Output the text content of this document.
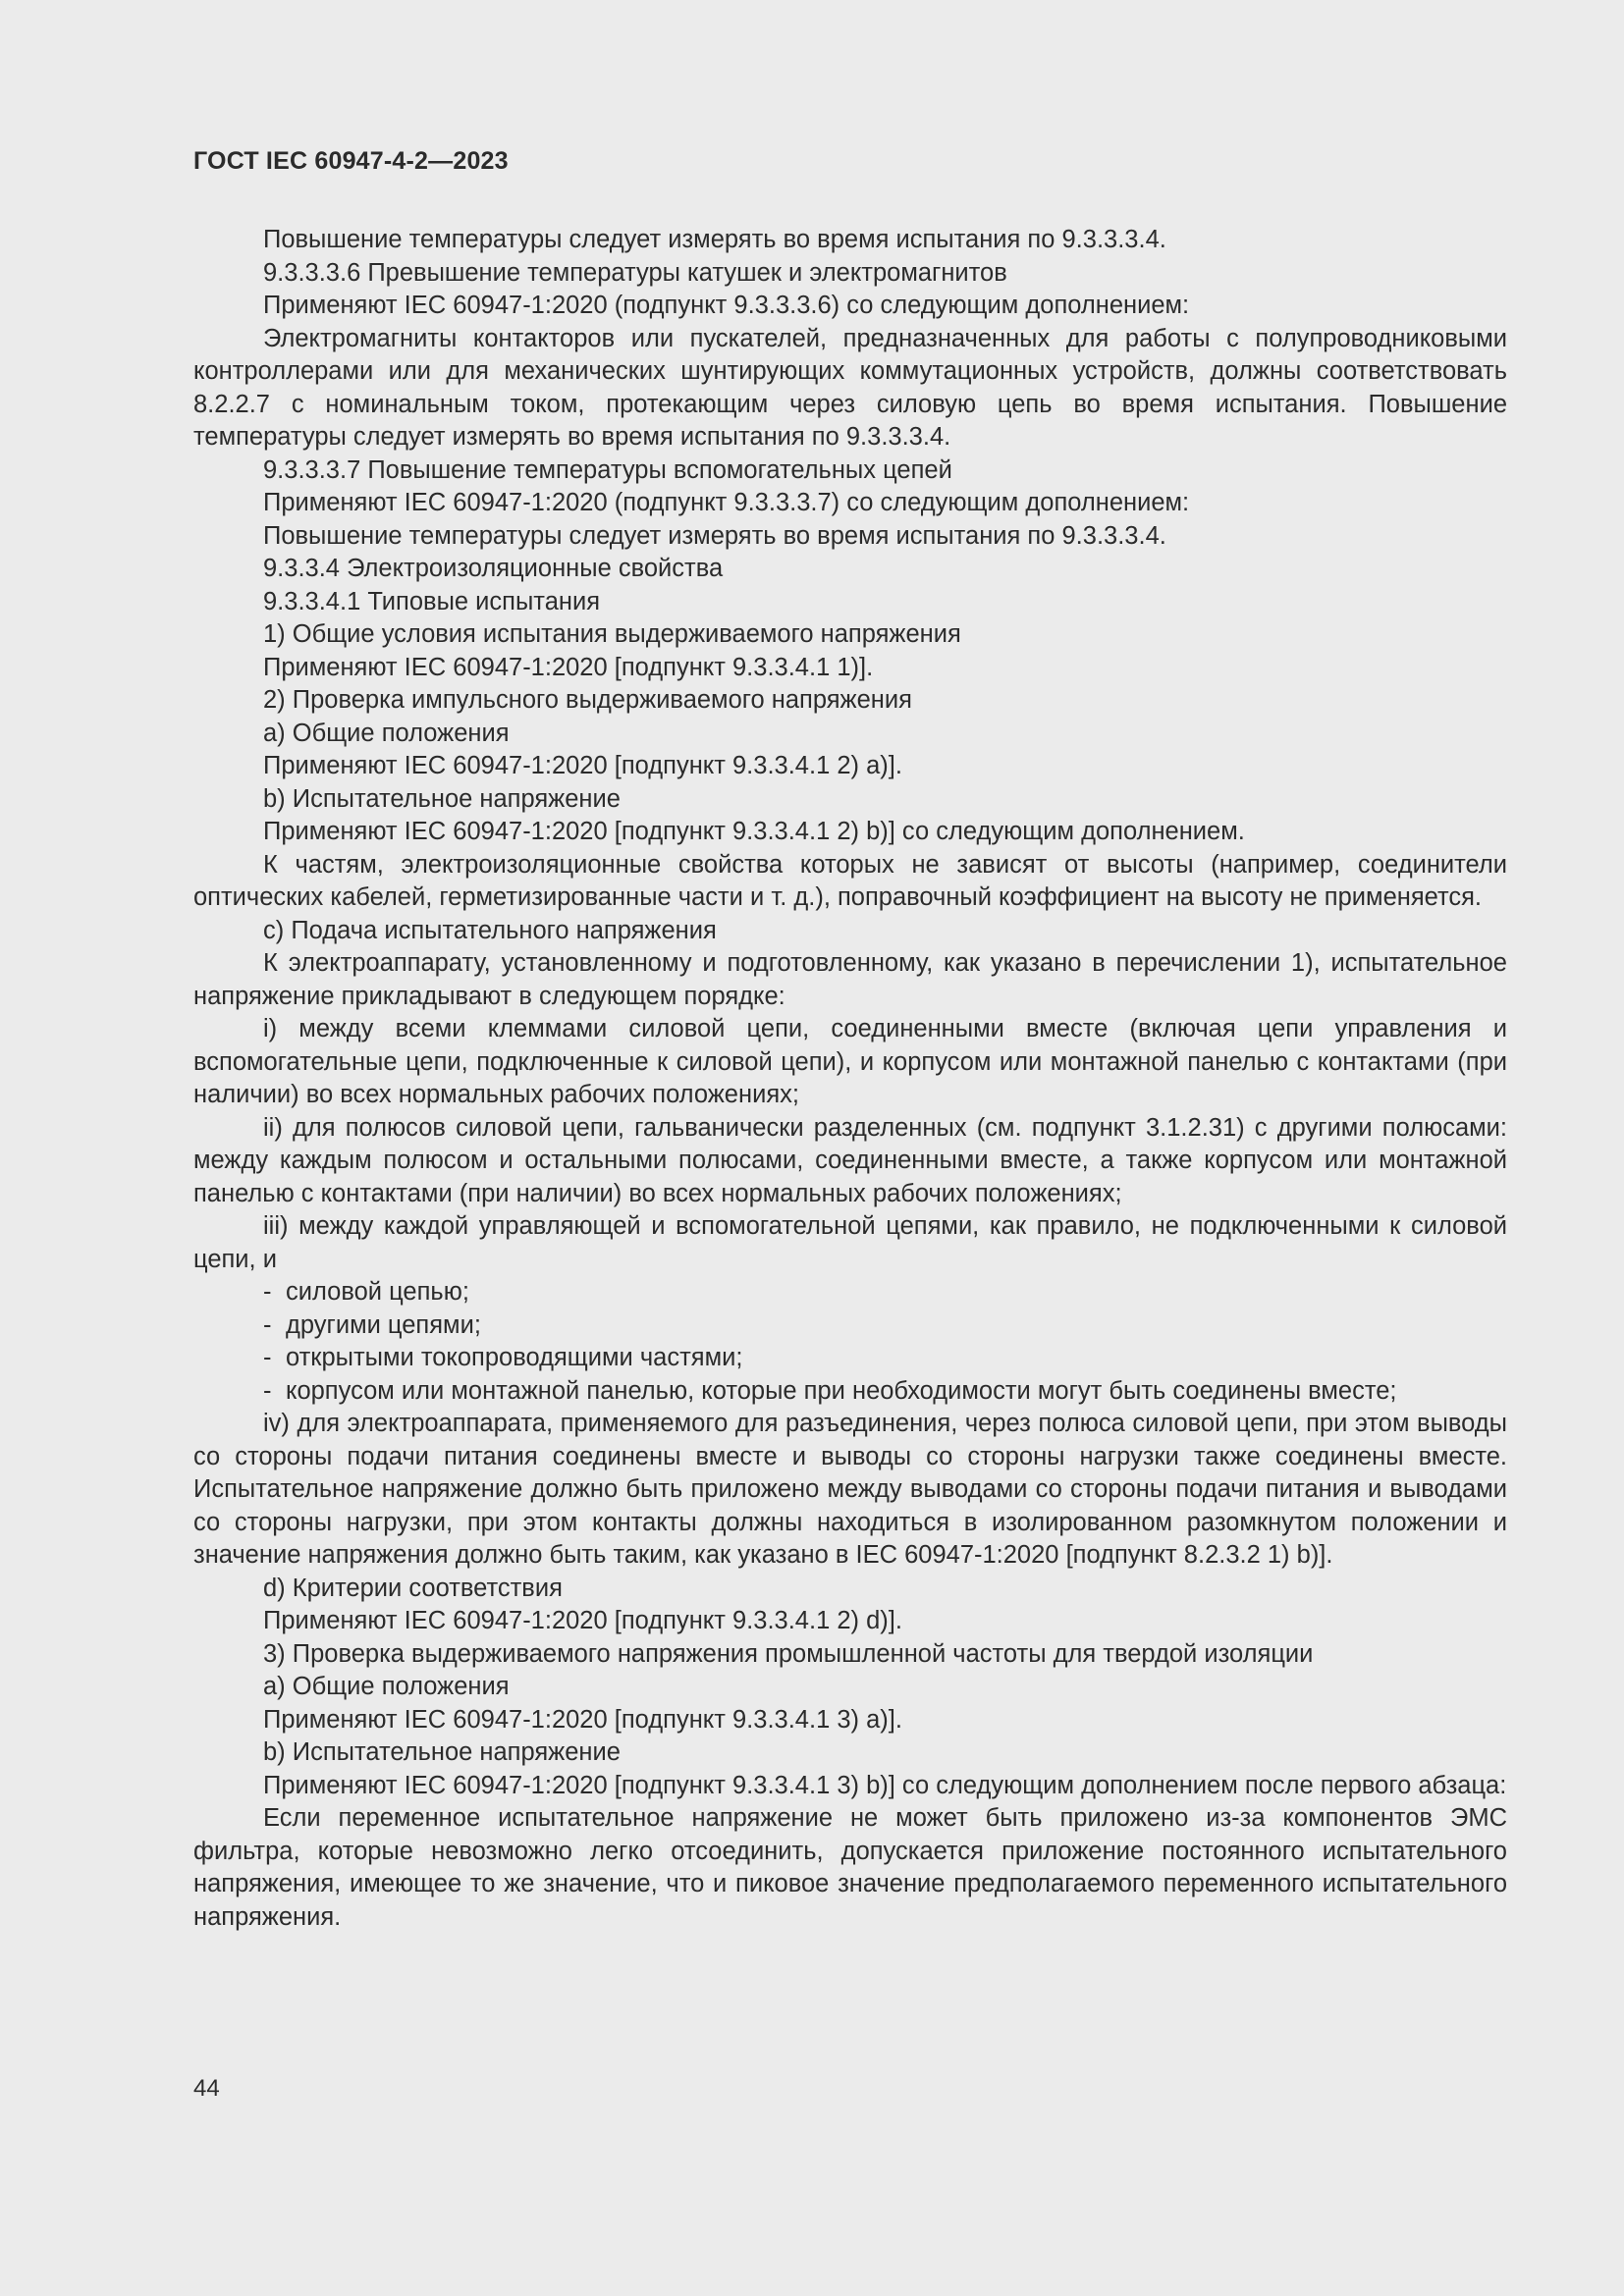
ГОСТ IEC 60947-4-2—2023

Повышение температуры следует измерять во время испытания по 9.3.3.3.4.

9.3.3.3.6 Превышение температуры катушек и электромагнитов

Применяют IEC 60947-1:2020 (подпункт 9.3.3.3.6) со следующим дополнением:

Электромагниты контакторов или пускателей, предназначенных для работы с полупроводниковыми контроллерами или для механических шунтирующих коммутационных устройств, должны соответствовать 8.2.2.7 с номинальным током, протекающим через силовую цепь во время испытания. Повышение температуры следует измерять во время испытания по 9.3.3.3.4.

9.3.3.3.7 Повышение температуры вспомогательных цепей

Применяют IEC 60947-1:2020 (подпункт 9.3.3.3.7) со следующим дополнением:

Повышение температуры следует измерять во время испытания по 9.3.3.3.4.

9.3.3.4 Электроизоляционные свойства

9.3.3.4.1 Типовые испытания

1) Общие условия испытания выдерживаемого напряжения

Применяют IEC 60947-1:2020 [подпункт 9.3.3.4.1 1)].

2) Проверка импульсного выдерживаемого напряжения

a) Общие положения

Применяют IEC 60947-1:2020 [подпункт 9.3.3.4.1 2) a)].

b) Испытательное напряжение

Применяют IEC 60947-1:2020 [подпункт 9.3.3.4.1 2) b)] со следующим дополнением.

К частям, электроизоляционные свойства которых не зависят от высоты (например, соединители оптических кабелей, герметизированные части и т. д.), поправочный коэффициент на высоту не применяется.

c) Подача испытательного напряжения

К электроаппарату, установленному и подготовленному, как указано в перечислении 1), испытательное напряжение прикладывают в следующем порядке:

i) между всеми клеммами силовой цепи, соединенными вместе (включая цепи управления и вспомогательные цепи, подключенные к силовой цепи), и корпусом или монтажной панелью с контактами (при наличии) во всех нормальных рабочих положениях;

ii) для полюсов силовой цепи, гальванически разделенных (см. подпункт 3.1.2.31) с другими полюсами: между каждым полюсом и остальными полюсами, соединенными вместе, а также корпусом или монтажной панелью с контактами (при наличии) во всех нормальных рабочих положениях;

iii) между каждой управляющей и вспомогательной цепями, как правило, не подключенными к силовой цепи, и

- силовой цепью;

- другими цепями;

- открытыми токопроводящими частями;

- корпусом или монтажной панелью, которые при необходимости могут быть соединены вместе;

iv) для электроаппарата, применяемого для разъединения, через полюса силовой цепи, при этом выводы со стороны подачи питания соединены вместе и выводы со стороны нагрузки также соединены вместе. Испытательное напряжение должно быть приложено между выводами со стороны подачи питания и выводами со стороны нагрузки, при этом контакты должны находиться в изолированном разомкнутом положении и значение напряжения должно быть таким, как указано в IEC 60947-1:2020 [подпункт 8.2.3.2 1) b)].

d) Критерии соответствия

Применяют IEC 60947-1:2020 [подпункт 9.3.3.4.1 2) d)].

3) Проверка выдерживаемого напряжения промышленной частоты для твердой изоляции

a) Общие положения

Применяют IEC 60947-1:2020 [подпункт 9.3.3.4.1 3) a)].

b) Испытательное напряжение

Применяют IEC 60947-1:2020 [подпункт 9.3.3.4.1 3) b)] со следующим дополнением после первого абзаца:

Если переменное испытательное напряжение не может быть приложено из-за компонентов ЭМС фильтра, которые невозможно легко отсоединить, допускается приложение постоянного испытательного напряжения, имеющее то же значение, что и пиковое значение предполагаемого переменного испытательного напряжения.

44
